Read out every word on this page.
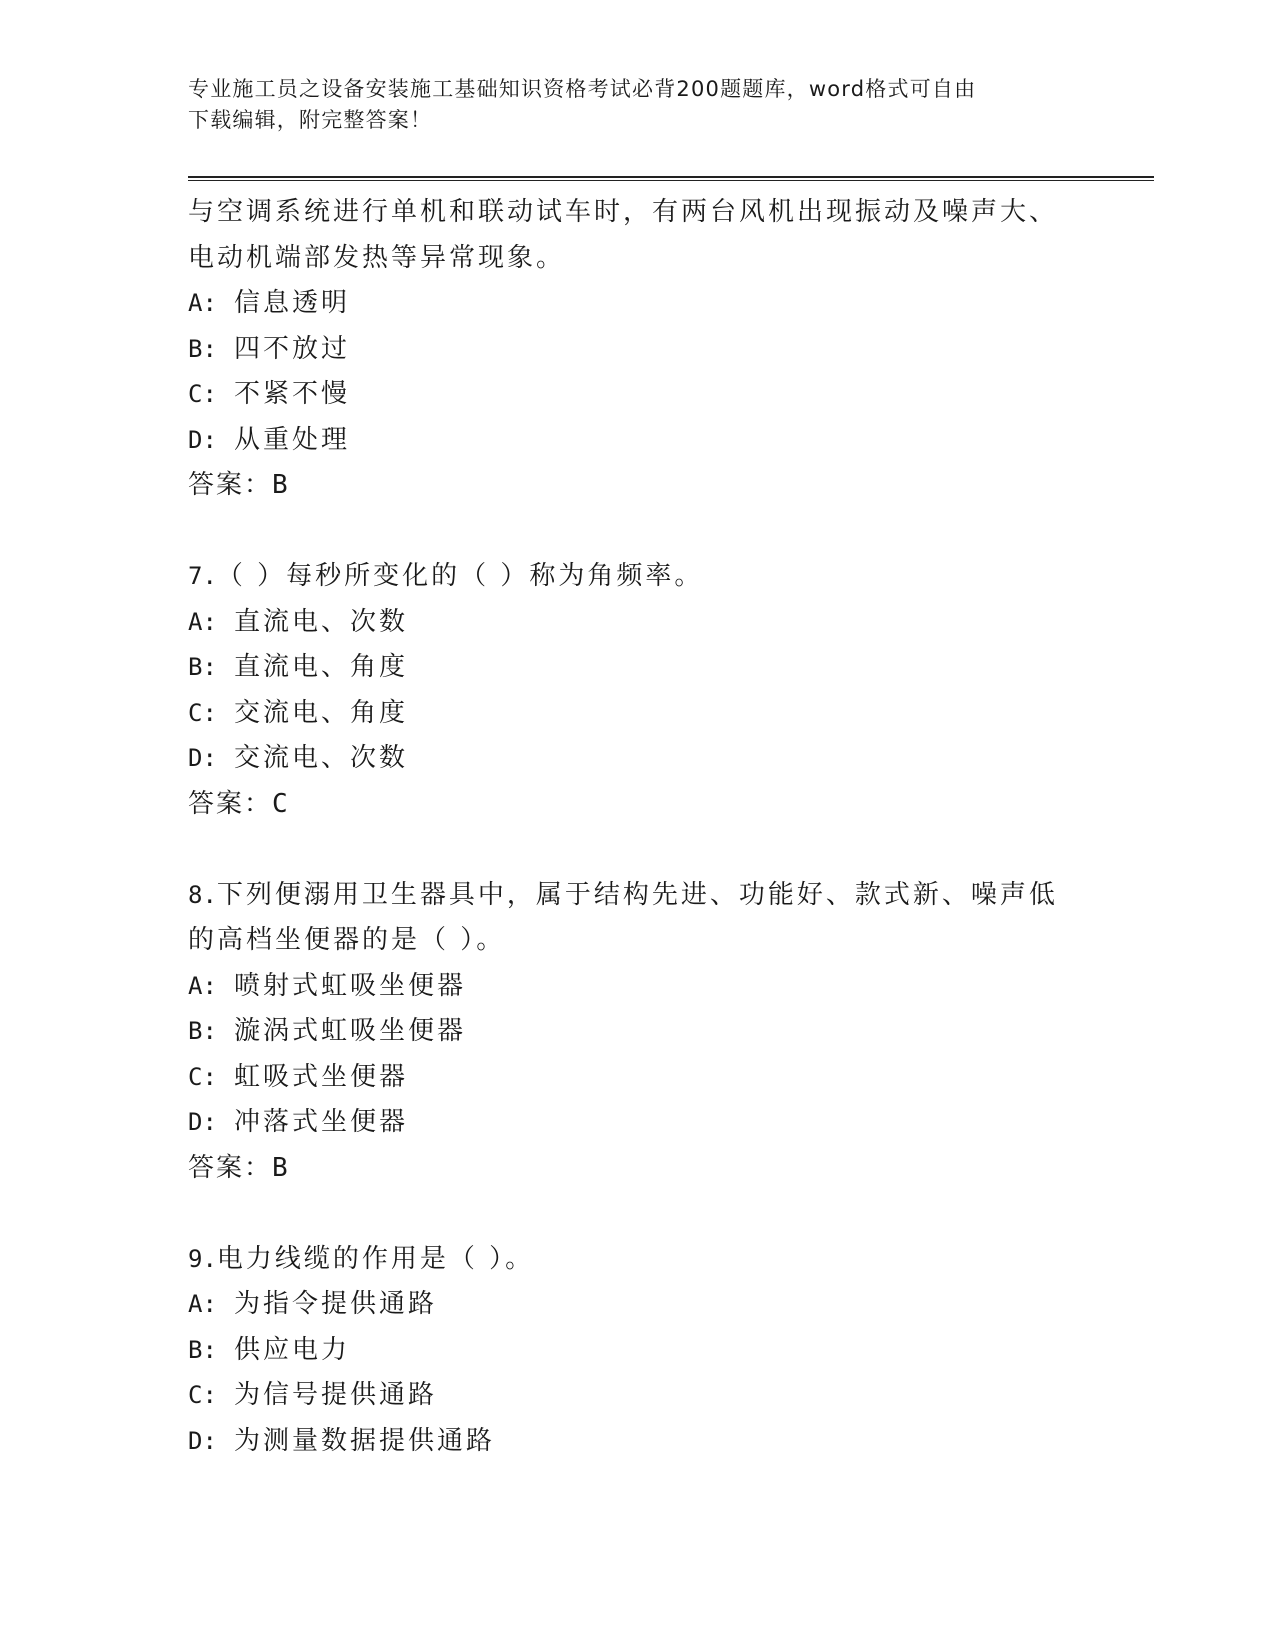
专业施工员之设备安装施工基础知识资格考试必背200题题库，word格式可自由
下载编辑，附完整答案！
与空调系统进行单机和联动试车时，有两台风机出现振动及噪声大、
电动机端部发热等异常现象。
A: 信息透明
B: 四不放过
C: 不紧不慢
D: 从重处理
答案：B
7.（ ）每秒所变化的（ ）称为角频率。
A: 直流电、次数
B: 直流电、角度
C: 交流电、角度
D: 交流电、次数
答案：C
8.下列便溺用卫生器具中，属于结构先进、功能好、款式新、噪声低
的高档坐便器的是（ ）。
A: 喷射式虹吸坐便器
B: 漩涡式虹吸坐便器
C: 虹吸式坐便器
D: 冲落式坐便器
答案：B
9.电力线缆的作用是（ ）。
A: 为指令提供通路
B: 供应电力
C: 为信号提供通路
D: 为测量数据提供通路
